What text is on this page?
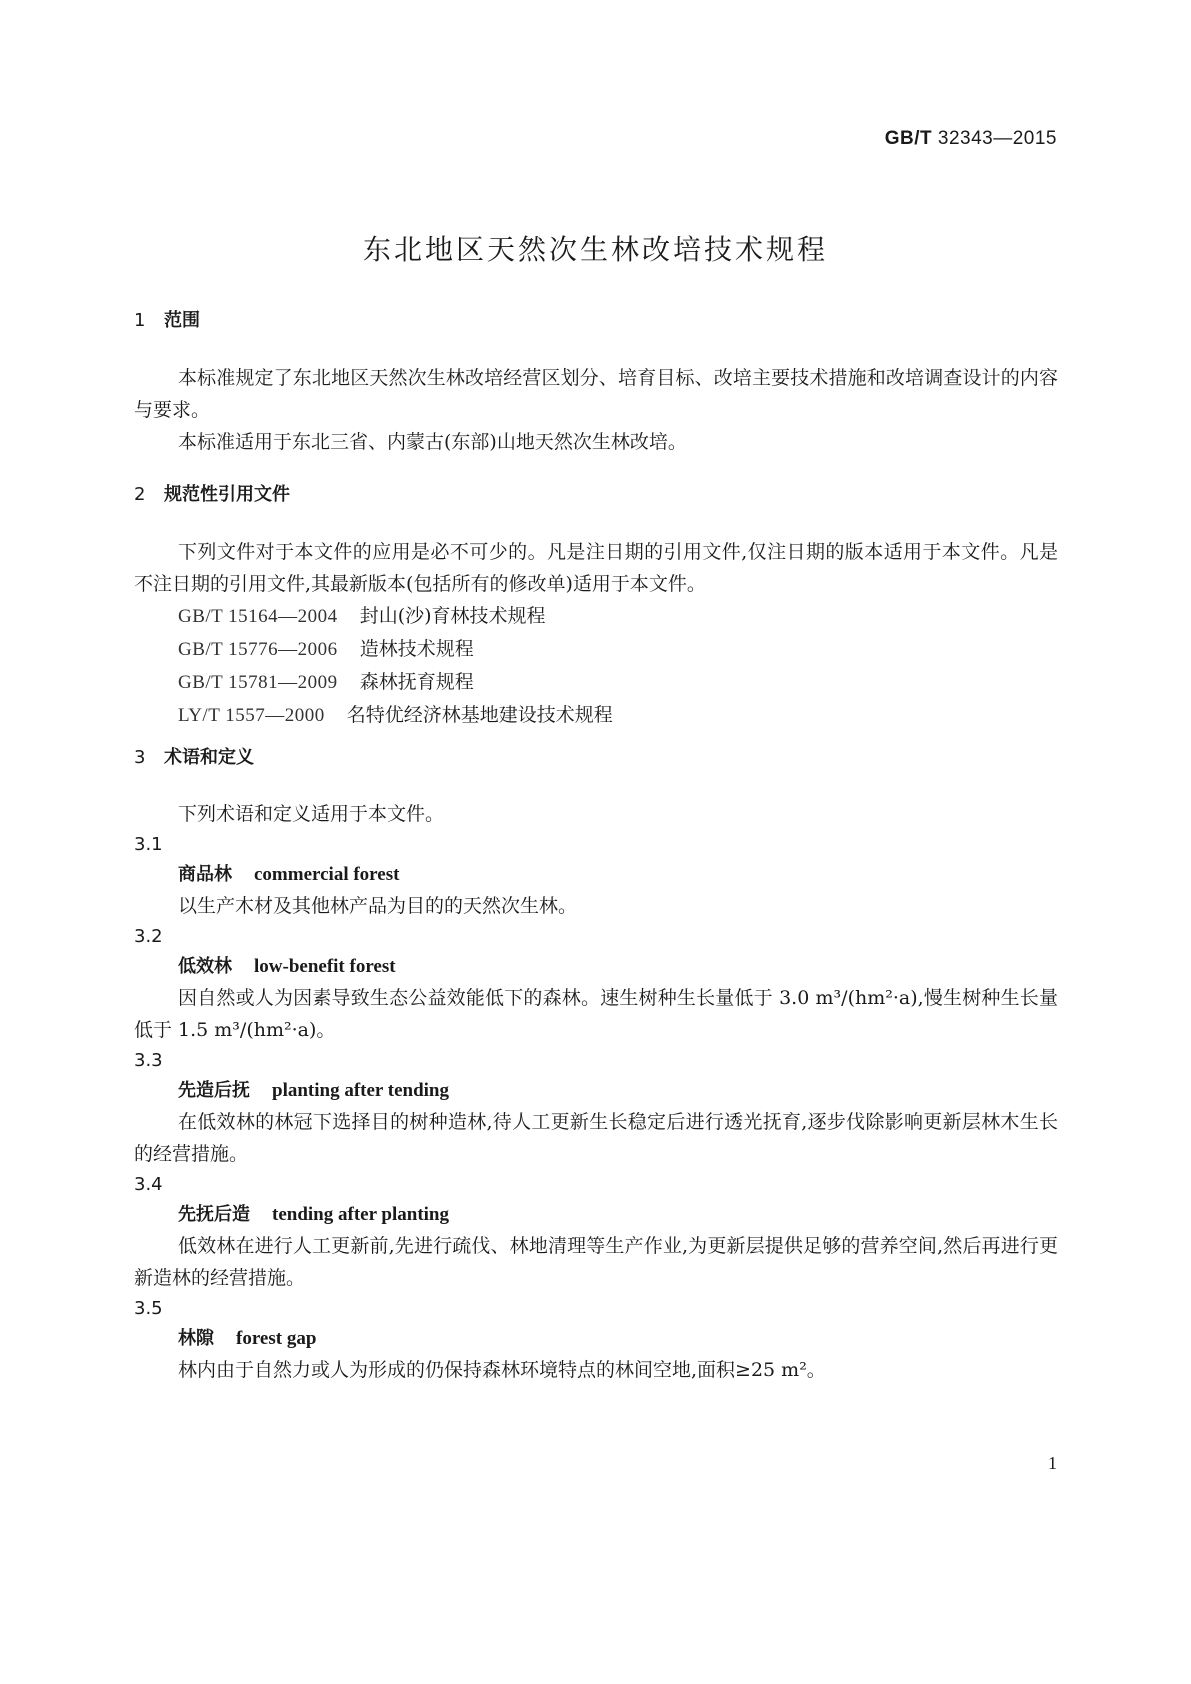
GB/T 32343—2015
东北地区天然次生林改培技术规程
1 范围

本标准规定了东北地区天然次生林改培经营区划分、培育目标、改培主要技术措施和改培调查设计的内容与要求。

本标准适用于东北三省、内蒙古(东部)山地天然次生林改培。

2 规范性引用文件

下列文件对于本文件的应用是必不可少的。凡是注日期的引用文件,仅注日期的版本适用于本文件。凡是不注日期的引用文件,其最新版本(包括所有的修改单)适用于本文件。

GB/T 15164—2004 封山(沙)育林技术规程
GB/T 15776—2006 造林技术规程
GB/T 15781—2009 森林抚育规程
LY/T 1557—2000 名特优经济林基地建设技术规程
3 术语和定义

下列术语和定义适用于本文件。

3.1
商品林 commercial forest

以生产木材及其他林产品为目的的天然次生林。

3.2
低效林 low-benefit forest

因自然或人为因素导致生态公益效能低下的森林。速生树种生长量低于 3.0 m³/(hm²·a),慢生树种生长量低于 1.5 m³/(hm²·a)。

3.3
先造后抚 planting after tending

在低效林的林冠下选择目的树种造林,待人工更新生长稳定后进行透光抚育,逐步伐除影响更新层林木生长的经营措施。

3.4
先抚后造 tending after planting

低效林在进行人工更新前,先进行疏伐、林地清理等生产作业,为更新层提供足够的营养空间,然后再进行更新造林的经营措施。

3.5
林隙 forest gap

林内由于自然力或人为形成的仍保持森林环境特点的林间空地,面积≥25 m²。

1
